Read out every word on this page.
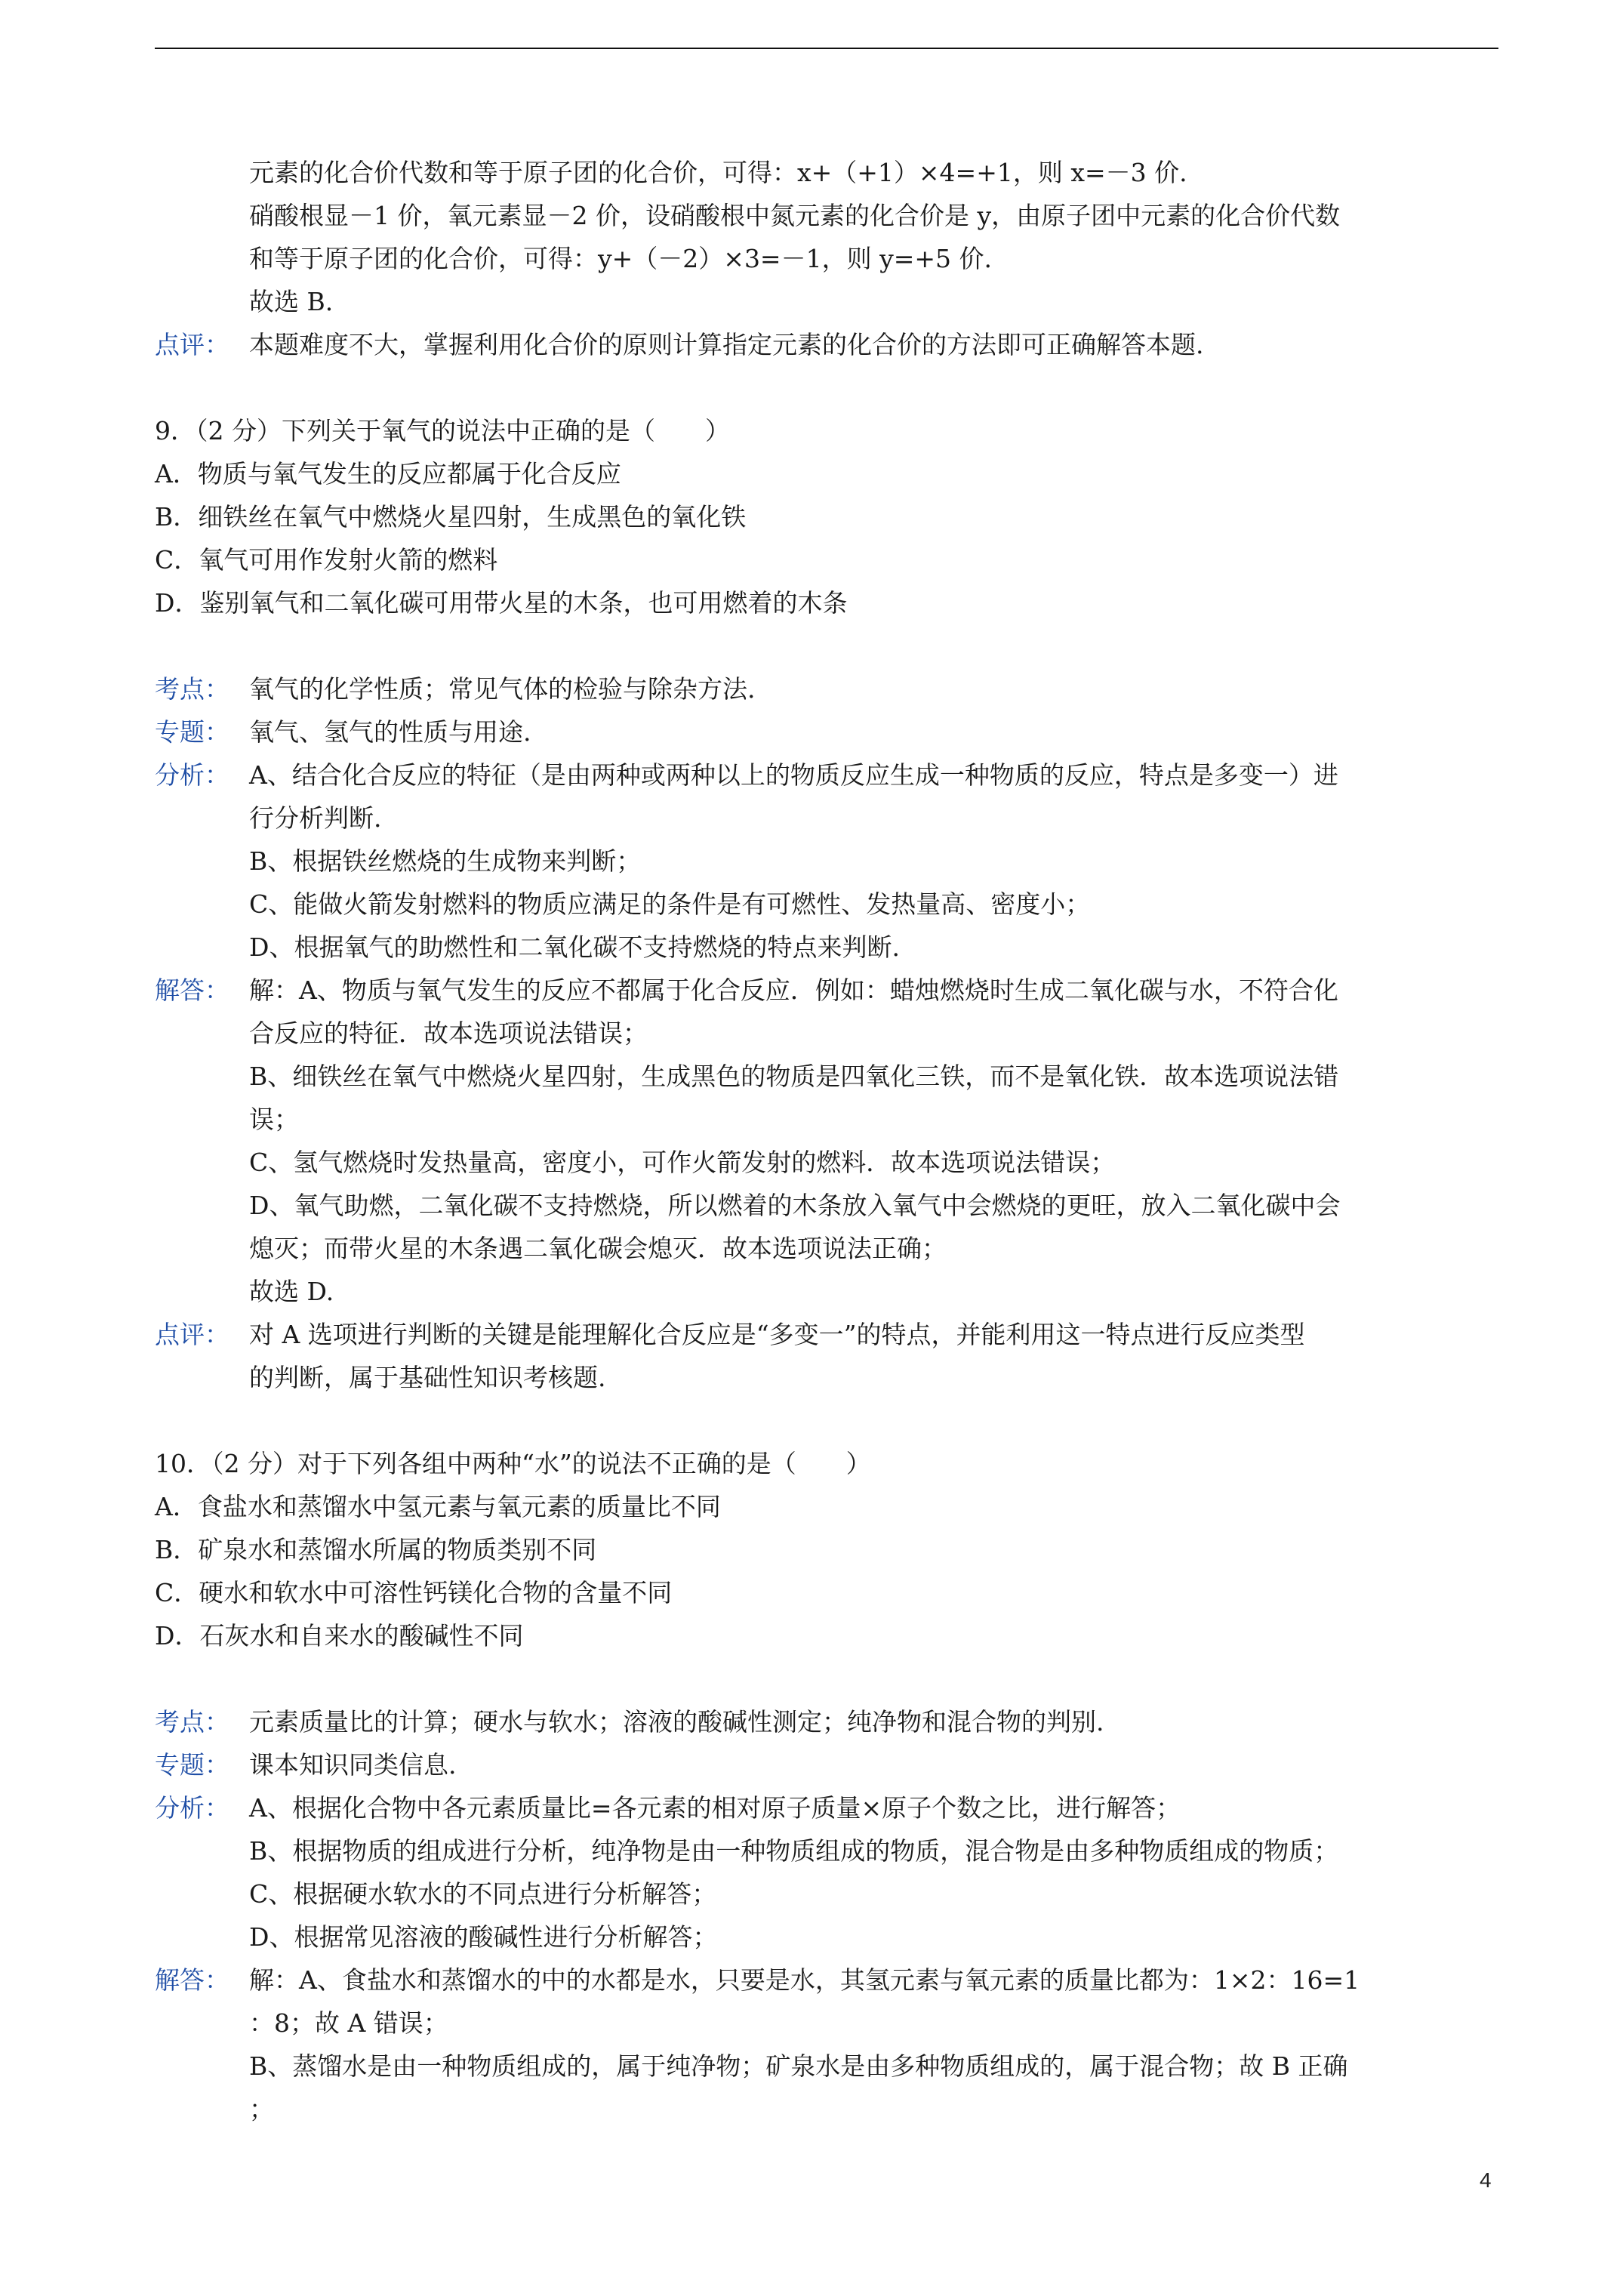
元素的化合价代数和等于原子团的化合价，可得：x+（+1）×4=+1，则 x=－3 价.
硝酸根显－1 价，氧元素显－2 价，设硝酸根中氮元素的化合价是 y，由原子团中元素的化合价代数
和等于原子团的化合价，可得：y+（－2）×3=－1，则 y=+5 价.
故选 B.
点评： 本题难度不大，掌握利用化合价的原则计算指定元素的化合价的方法即可正确解答本题.
9．（2 分）下列关于氧气的说法中正确的是（　　）
A．物质与氧气发生的反应都属于化合反应
B．细铁丝在氧气中燃烧火星四射，生成黑色的氧化铁
C．氧气可用作发射火箭的燃料
D．鉴别氧气和二氧化碳可用带火星的木条，也可用燃着的木条
考点： 氧气的化学性质；常见气体的检验与除杂方法.
专题： 氧气、氢气的性质与用途.
分析： A、结合化合反应的特征（是由两种或两种以上的物质反应生成一种物质的反应，特点是多变一）进
行分析判断.
B、根据铁丝燃烧的生成物来判断；
C、能做火箭发射燃料的物质应满足的条件是有可燃性、发热量高、密度小；
D、根据氧气的助燃性和二氧化碳不支持燃烧的特点来判断.
解答： 解：A、物质与氧气发生的反应不都属于化合反应．例如：蜡烛燃烧时生成二氧化碳与水，不符合化
合反应的特征．故本选项说法错误；
B、细铁丝在氧气中燃烧火星四射，生成黑色的物质是四氧化三铁，而不是氧化铁．故本选项说法错
误；
C、氢气燃烧时发热量高，密度小，可作火箭发射的燃料．故本选项说法错误；
D、氧气助燃，二氧化碳不支持燃烧，所以燃着的木条放入氧气中会燃烧的更旺，放入二氧化碳中会
熄灭；而带火星的木条遇二氧化碳会熄灭．故本选项说法正确；
故选 D.
点评： 对 A 选项进行判断的关键是能理解化合反应是“多变一”的特点，并能利用这一特点进行反应类型
的判断，属于基础性知识考核题.
10．（2 分）对于下列各组中两种“水”的说法不正确的是（　　）
A．食盐水和蒸馏水中氢元素与氧元素的质量比不同
B．矿泉水和蒸馏水所属的物质类别不同
C．硬水和软水中可溶性钙镁化合物的含量不同
D．石灰水和自来水的酸碱性不同
考点： 元素质量比的计算；硬水与软水；溶液的酸碱性测定；纯净物和混合物的判别.
专题： 课本知识同类信息.
分析： A、根据化合物中各元素质量比=各元素的相对原子质量×原子个数之比，进行解答；
B、根据物质的组成进行分析，纯净物是由一种物质组成的物质，混合物是由多种物质组成的物质；
C、根据硬水软水的不同点进行分析解答；
D、根据常见溶液的酸碱性进行分析解答；
解答： 解：A、食盐水和蒸馏水的中的水都是水，只要是水，其氢元素与氧元素的质量比都为：1×2：16=1
：8；故 A 错误；
B、蒸馏水是由一种物质组成的，属于纯净物；矿泉水是由多种物质组成的，属于混合物；故 B 正确
；
4
